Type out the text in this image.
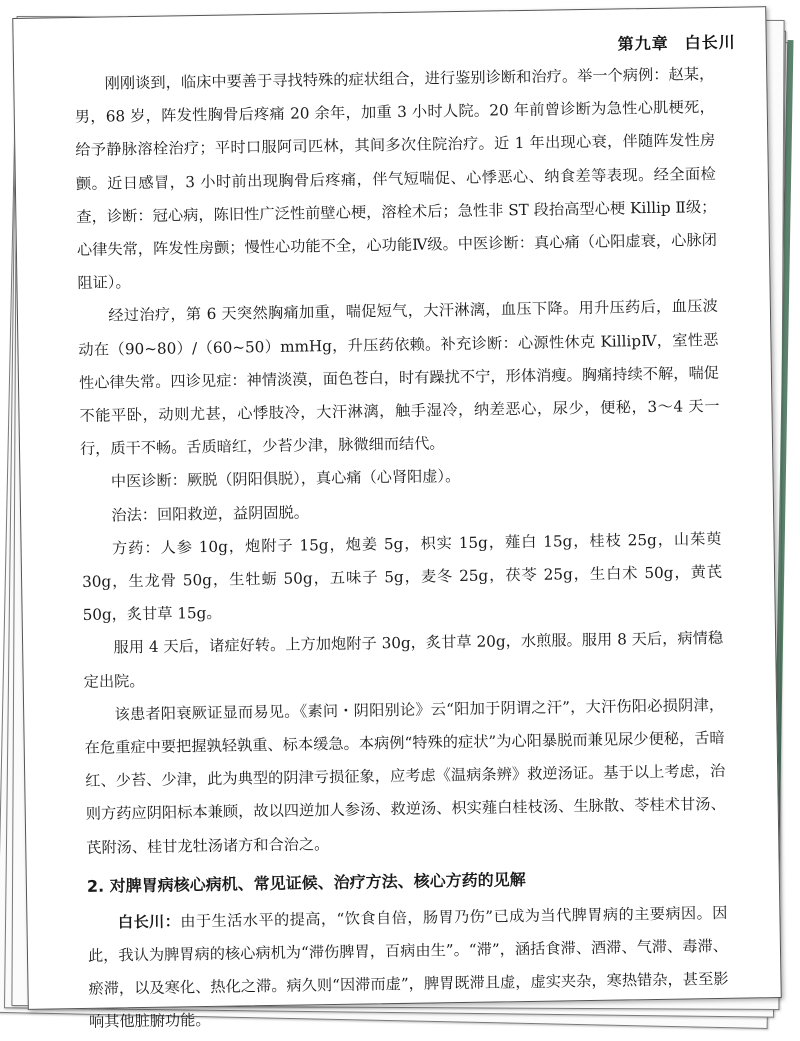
第九章 白长川

刚刚谈到，临床中要善于寻找特殊的症状组合，进行鉴别诊断和治疗。举一个病例：赵某，男，68 岁，阵发性胸骨后疼痛 20 余年，加重 3 小时人院。20 年前曾诊断为急性心肌梗死，给予静脉溶栓治疗；平时口服阿司匹林，其间多次住院治疗。近 1 年出现心衰，伴随阵发性房颤。近日感冒，3 小时前出现胸骨后疼痛，伴气短喘促、心悸恶心、纳食差等表现。经全面检查，诊断：冠心病，陈旧性广泛性前壁心梗，溶栓术后；急性非 ST 段抬高型心梗 Killip Ⅱ级；心律失常，阵发性房颤；慢性心功能不全，心功能Ⅳ级。中医诊断：真心痛（心阳虚衰，心脉闭阻证）。

经过治疗，第 6 天突然胸痛加重，喘促短气，大汗淋漓，血压下降。用升压药后，血压波动在（90~80）/（60~50）mmHg，升压药依赖。补充诊断：心源性休克 KillipⅣ，室性恶性心律失常。四诊见症：神情淡漠，面色苍白，时有躁扰不宁，形体消瘦。胸痛持续不解，喘促不能平卧，动则尤甚，心悸肢冷，大汗淋漓，触手湿冷，纳差恶心，尿少，便秘，3～4 天一行，质干不畅。舌质暗红，少苔少津，脉微细而结代。

中医诊断：厥脱（阴阳俱脱），真心痛（心肾阳虚）。

治法：回阳救逆，益阴固脱。

方药：人参 10g，炮附子 15g，炮姜 5g，枳实 15g，薤白 15g，桂枝 25g，山茱萸 30g，生龙骨 50g，生牡蛎 50g，五味子 5g，麦冬 25g，茯苓 25g，生白术 50g，黄芪 50g，炙甘草 15g。

服用 4 天后，诸症好转。上方加炮附子 30g，炙甘草 20g，水煎服。服用 8 天后，病情稳定出院。

该患者阳衰厥证显而易见。《素问・阴阳别论》云“阳加于阴谓之汗”，大汗伤阳必损阴津，在危重症中要把握孰轻孰重、标本缓急。本病例“特殊的症状”为心阳暴脱而兼见尿少便秘，舌暗红、少苔、少津，此为典型的阴津亏损征象，应考虑《温病条辨》救逆汤证。基于以上考虑，治则方药应阴阳标本兼顾，故以四逆加人参汤、救逆汤、枳实薤白桂枝汤、生脉散、苓桂术甘汤、芪附汤、桂甘龙牡汤诸方和合治之。

2. 对脾胃病核心病机、常见证候、治疗方法、核心方药的见解

白长川：由于生活水平的提高，“饮食自倍，肠胃乃伤”已成为当代脾胃病的主要病因。因此，我认为脾胃病的核心病机为“滞伤脾胃，百病由生”。“滞”，涵括食滞、酒滞、气滞、毒滞、瘀滞，以及寒化、热化之滞。病久则“因滞而虚”，脾胃既滞且虚，虚实夹杂，寒热错杂，甚至影响其他脏腑功能。
